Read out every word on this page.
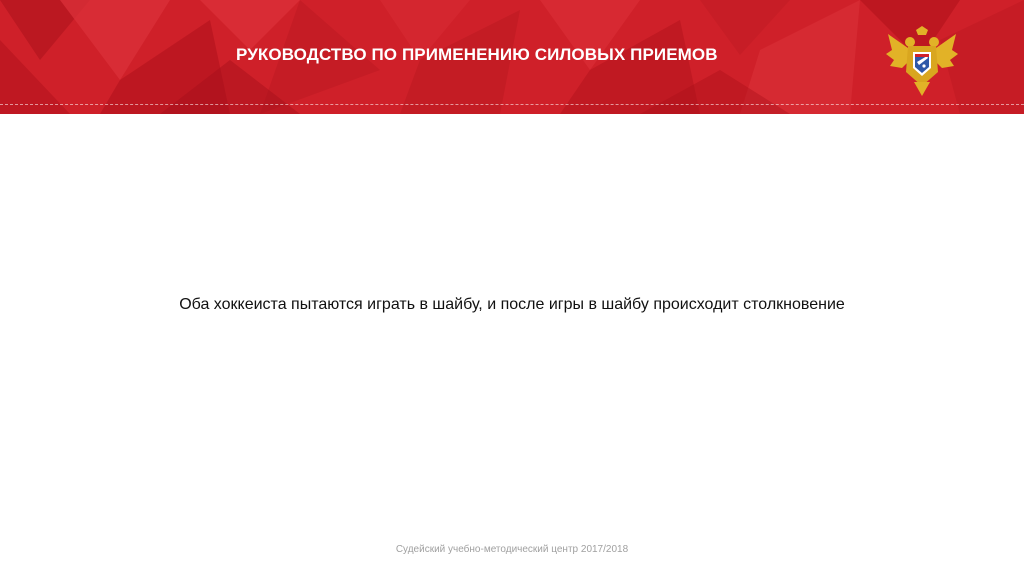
РУКОВОДСТВО ПО ПРИМЕНЕНИЮ СИЛОВЫХ ПРИЕМОВ
Оба хоккеиста пытаются играть в шайбу, и после игры в шайбу происходит столкновение
Судейский учебно-методический центр 2017/2018
